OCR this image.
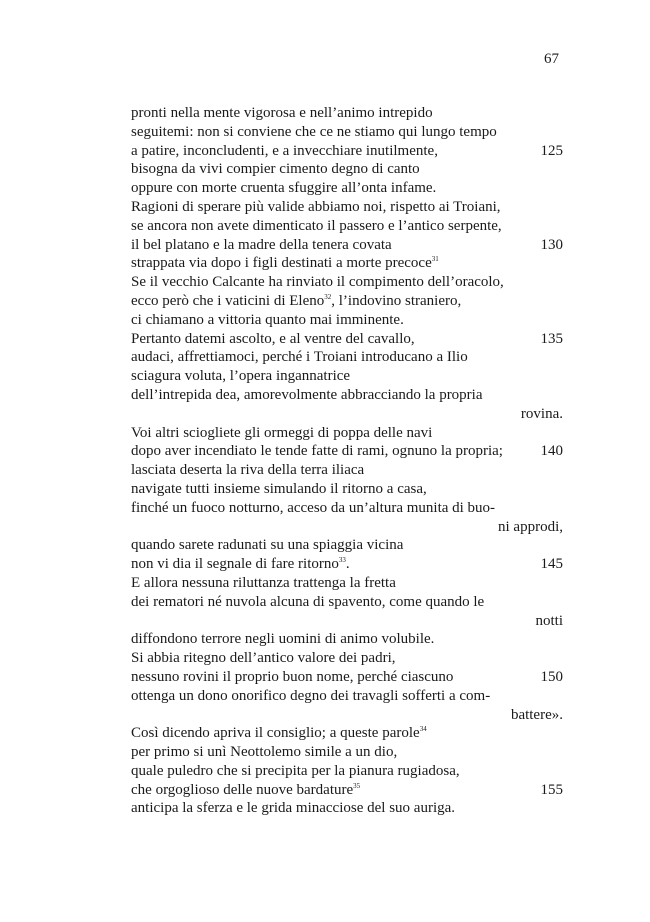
67
pronti nella mente vigorosa e nell’animo intrepido
seguitemi: non si conviene che ce ne stiamo qui lungo tempo
a patire, inconcludenti, e a invecchiare inutilmente,	125
bisogna da vivi compier cimento degno di canto
oppure con morte cruenta sfuggire all’onta infame.
Ragioni di sperare più valide abbiamo noi, rispetto ai Troiani,
se ancora non avete dimenticato il passero e l’antico serpente,
il bel platano e la madre della tenera covata	130
strappata via dopo i figli destinati a morte precoce$^{31}$
Se il vecchio Calcante ha rinviato il compimento dell’oracolo,
ecco però che i vaticini di Eleno$^{32}$, l’indovino straniero,
ci chiamano a vittoria quanto mai imminente.
Pertanto datemi ascolto, e al ventre del cavallo,	135
audaci, affrettiamoci, perché i Troiani introducano a Ilio
sciagura voluta, l’opera ingannatrice
dell’intrepida dea, amorevolmente abbracciando la propria
rovina.
Voi altri sciogliete gli ormeggi di poppa delle navi
dopo aver incendiato le tende fatte di rami, ognuno la propria;	140
lasciata deserta la riva della terra iliaca
navigate tutti insieme simulando il ritorno a casa,
finché un fuoco notturno, acceso da un’altura munita di buo-
ni approdi,
quando sarete radunati su una spiaggia vicina
non vi dia il segnale di fare ritorno$^{33}$.	145
E allora nessuna riluttanza trattenga la fretta
dei rematori né nuvola alcuna di spavento, come quando le
notti
diffondono terrore negli uomini di animo volubile.
Si abbia ritegno dell’antico valore dei padri,
nessuno rovini il proprio buon nome, perché ciascuno	150
ottenga un dono onorifico degno dei travagli sofferti a com-
battere».
Così dicendo apriva il consiglio; a queste parole$^{34}$
per primo si unì Neottolemo simile a un dio,
quale puledro che si precipita per la pianura rugiadosa,
che orgoglioso delle nuove bardature$^{35}$	155
anticipa la sferza e le grida minacciose del suo auriga.
